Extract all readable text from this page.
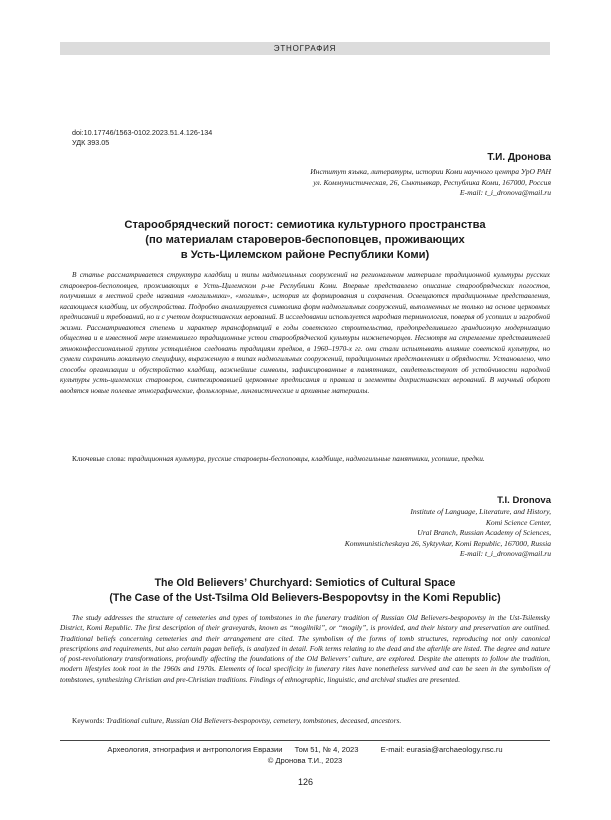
ЭТНОГРАФИЯ
doi:10.17746/1563-0102.2023.51.4.126-134
УДК 393.05
Т.И. Дронова
Институт языка, литературы, истории Коми научного центра УрО РАН
ул. Коммунистическая, 26, Сыктывкар, Республика Коми, 167000, Россия
E-mail: t_i_dronova@mail.ru
Старообрядческий погост: семиотика культурного пространства
(по материалам староверов-беспоповцев, проживающих
в Усть-Цилемском районе Республики Коми)

В статье рассматривается структура кладбищ и типы надмогильных сооружений на региональном материале традиционной культуры русских староверов-беспоповцев, проживающих в Усть-Цилемском р-не Республики Коми. Впервые представлено описание старообрядческих погостов, получивших в местной среде названия «могильники», «могилья», история их формирования и сохранения. Освещаются традиционные представления, касающиеся кладбищ, их обустройства. Подробно анализируется символика форм надмогильных сооружений, выполненных не только на основе церковных предписаний и требований, но и с учетом дохристианских верований. В исследовании используется народная терминология, поверья об усопших и загробной жизни. Рассматриваются степень и характер трансформаций в годы советского строительства, предопределившего грандиозную модернизацию общества и в известной мере изменившего традиционные устои старообрядческой культуры нижнепечорцев. Несмотря на стремление представителей этноконфессиональной группы устьцилёмов следовать традициям предков, в 1960–1970-х гг. они стали испытывать влияние советской культуры, но сумели сохранить локальную специфику, выраженную в типах надмогильных сооружений, традиционных представлениях и обрядности. Установлено, что способы организации и обустройство кладбищ, важнейшие символы, зафиксированные в памятниках, свидетельствуют об устойчивости народной культуры усть-цилемских староверов, синтезировавшей церковные предписания и правила и элементы дохристианских верований. В научный оборот вводятся новые полевые этнографические, фольклорные, лингвистические и архивные материалы.

Ключевые слова: традиционная культура, русские староверы-беспоповцы, кладбище, надмогильные памятники, усопшие, предки.

T.I. Dronova
Institute of Language, Literature, and History,
Komi Science Center,
Ural Branch, Russian Academy of Sciences,
Kommunisticheskaya 26, Syktyvkar, Komi Republic, 167000, Russia
E-mail: t_i_dronova@mail.ru
The Old Believers’ Churchyard: Semiotics of Cultural Space
(The Case of the Ust-Tsilma Old Believers-Bespopovtsy in the Komi Republic)

The study addresses the structure of cemeteries and types of tombstones in the funerary tradition of Russian Old Believers-bespopovtsy in the Ust-Tsilemsky District, Komi Republic. The first description of their graveyards, known as “mogilniki”, or “mogily”, is provided, and their history and preservation are outlined. Traditional beliefs concerning cemeteries and their arrangement are cited. The symbolism of the forms of tomb structures, reproducing not only canonical prescriptions and requirements, but also certain pagan beliefs, is analyzed in detail. Folk terms relating to the dead and the afterlife are listed. The degree and nature of post-revolutionary transformations, profoundly affecting the foundations of the Old Believers’ culture, are explored. Despite the attempts to follow the tradition, modern lifestyles took root in the 1960s and 1970s. Elements of local specificity in funerary rites have nonetheless survived and can be seen in the symbolism of tombstones, synthesizing Christian and pre-Christian traditions. Findings of ethnographic, linguistic, and archival studies are presented.

Keywords: Traditional culture, Russian Old Believers-bespopovtsy, cemetery, tombstones, deceased, ancestors.

Археология, этнография и антропология Евразии Том 51, № 4, 2023	E-mail: eurasia@archaeology.nsc.ru
© Дронова Т.И., 2023
126
